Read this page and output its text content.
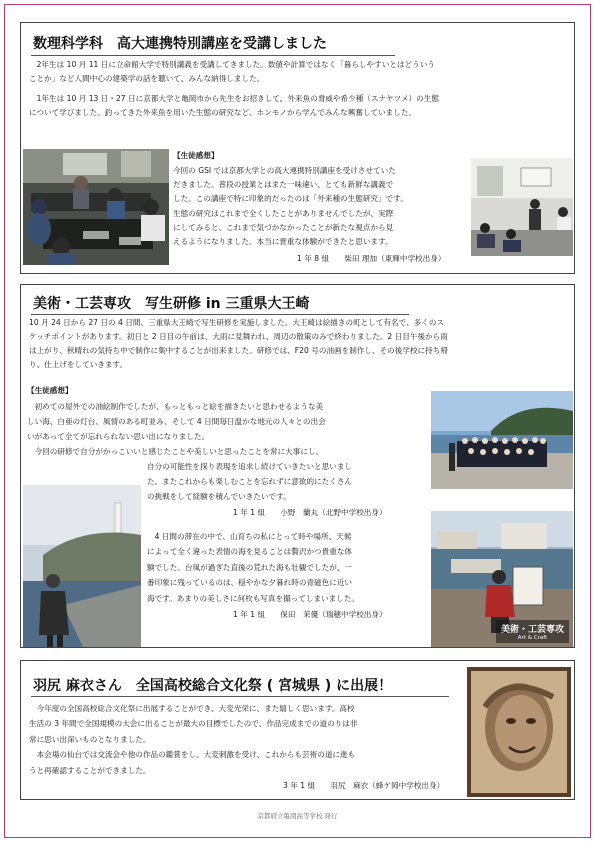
数理科学科　高大連携特別講座を受講しました
　2年生は 10 月 11 日に立命館大学で特別講義を受講してきました。数値や計算ではなく「暮らしやすいとはどういう
ことか」など人間中心の建築学の話を聴いて、みんな納得しました。
　1年生は 10 月 13 日・27 日に京都大学と亀岡市から先生をお招きして、外来魚の脅威や希少種（スナヤツメ）の生態
について学びました。釣ってきた外来魚を用いた生態の研究など、ホンモノから学んでみんな興奮していました。
【生徒感想】
今回の GSI では京都大学との高大連携特別講座を受けさせていた
だきました。普段の授業とはまた一味違い、とても新鮮な講義で
した。この講座で特に印象的だったのは「外来種の生態研究」です。
生態の研究はこれまで全くしたことがありませんでしたが、実際
にしてみると、これまで気づかなかったことが新たな視点から見
えるようになりました。本当に貴重な体験ができたと思います。
1 年 8 組　　柴田 理加（東輝中学校出身）
美術・工芸専攻　写生研修 in 三重県大王崎
10 月 24 日から 27 日の 4 日間、三重県大王崎で写生研修を実施しました。大王崎は絵描きの町として有名で、多くのス
ケッチポイントがあります。初日と 2 日目の午前は、大雨に見舞われ、周辺の散策のみで終わりました。2 日目午後から雨
は上がり、秋晴れの気持ち中で制作に集中することが出来ました。研修では、F20 号の油画を制作し、その後学校に持ち帰
り、仕上げをしていきます。
【生徒感想】
　初めての屋外での油絵制作でしたが、もっともっと絵を描きたいと思わせるような美
しい海、白亜の灯台、風情のある町並み、そして 4 日間毎日温かな地元の人々との出会
いがあって全てが忘れられない思い出になりました。
　今回の研修で自分がかっこいいと感じたことや美しいと思ったことを常に大事にし、
自分の可能性を探り表現を追求し続けていきたいと思いまし
た。またこれからも楽しむことを忘れずに意欲的にたくさん
の挑戦をして経験を積んでいきたいです。
1 年 1 組　　小野　蘭丸（北野中学校出身）
　4 日間の滞在の中で、山育ちの私にとって時や場所、天候
によって全く違った表情の海を見ることは贅沢かつ貴重な体
験でした。台風が過ぎた直後の荒れた海も壮観でしたが、一
番印象に残っているのは、穏やかな夕暮れ時の青磁色に近い
海です。あまりの美しさに何枚も写真を撮ってしまいました。
1 年 1 組　　保田　茉優（瑞穂中学校出身）
美術・工芸専攻
Art & Craft
羽尻 麻衣さん　全国高校総合文化祭 ( 宮城県 ) に出展！
　今年度の全国高校総合文化祭に出展することができ、大変光栄に、また嬉しく思います。高校
生活の 3 年間で全国規模の大会に出ることが最大の目標でしたので、作品完成までの道のりは非
常に思い出深いものとなりました。
　本会場の仙台では交流会や他の作品の鑑賞をし、大変刺激を受け、これからも芸術の道に進も
うと再確認することができました。
3 年 1 組　　羽尻　麻衣（蜂ケ岡中学校出身）
京都府立亀岡高等学校 発行
